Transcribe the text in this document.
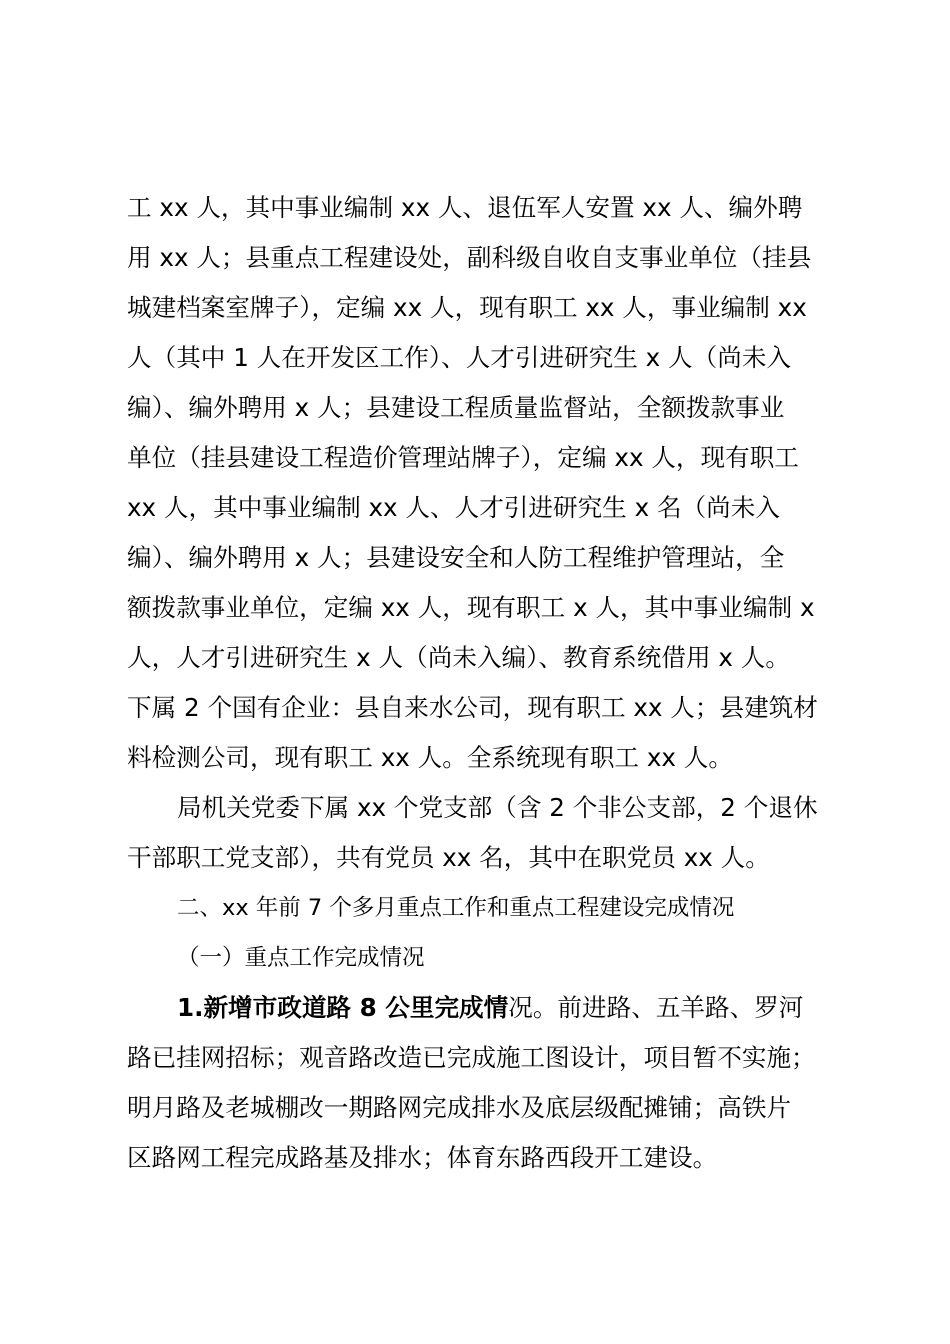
工 xx 人，其中事业编制 xx 人、退伍军人安置 xx 人、编外聘
用 xx 人；县重点工程建设处，副科级自收自支事业单位（挂县
城建档案室牌子），定编 xx 人，现有职工 xx 人，事业编制 xx
人（其中 1 人在开发区工作）、人才引进研究生 x 人（尚未入
编）、编外聘用 x 人；县建设工程质量监督站，全额拨款事业
单位（挂县建设工程造价管理站牌子），定编 xx 人，现有职工
xx 人，其中事业编制 xx 人、人才引进研究生 x 名（尚未入
编）、编外聘用 x 人；县建设安全和人防工程维护管理站，全
额拨款事业单位，定编 xx 人，现有职工 x 人，其中事业编制 x
人，人才引进研究生 x 人（尚未入编）、教育系统借用 x 人。
下属 2 个国有企业：县自来水公司，现有职工 xx 人；县建筑材
料检测公司，现有职工 xx 人。全系统现有职工 xx 人。
局机关党委下属 xx 个党支部（含 2 个非公支部，2 个退休
干部职工党支部），共有党员 xx 名，其中在职党员 xx 人。
二、xx 年前 7 个多月重点工作和重点工程建设完成情况
（一）重点工作完成情况
1.新增市政道路 8 公里完成情况。前进路、五羊路、罗河
路已挂网招标；观音路改造已完成施工图设计，项目暂不实施；
明月路及老城棚改一期路网完成排水及底层级配摊铺；高铁片
区路网工程完成路基及排水；体育东路西段开工建设。
